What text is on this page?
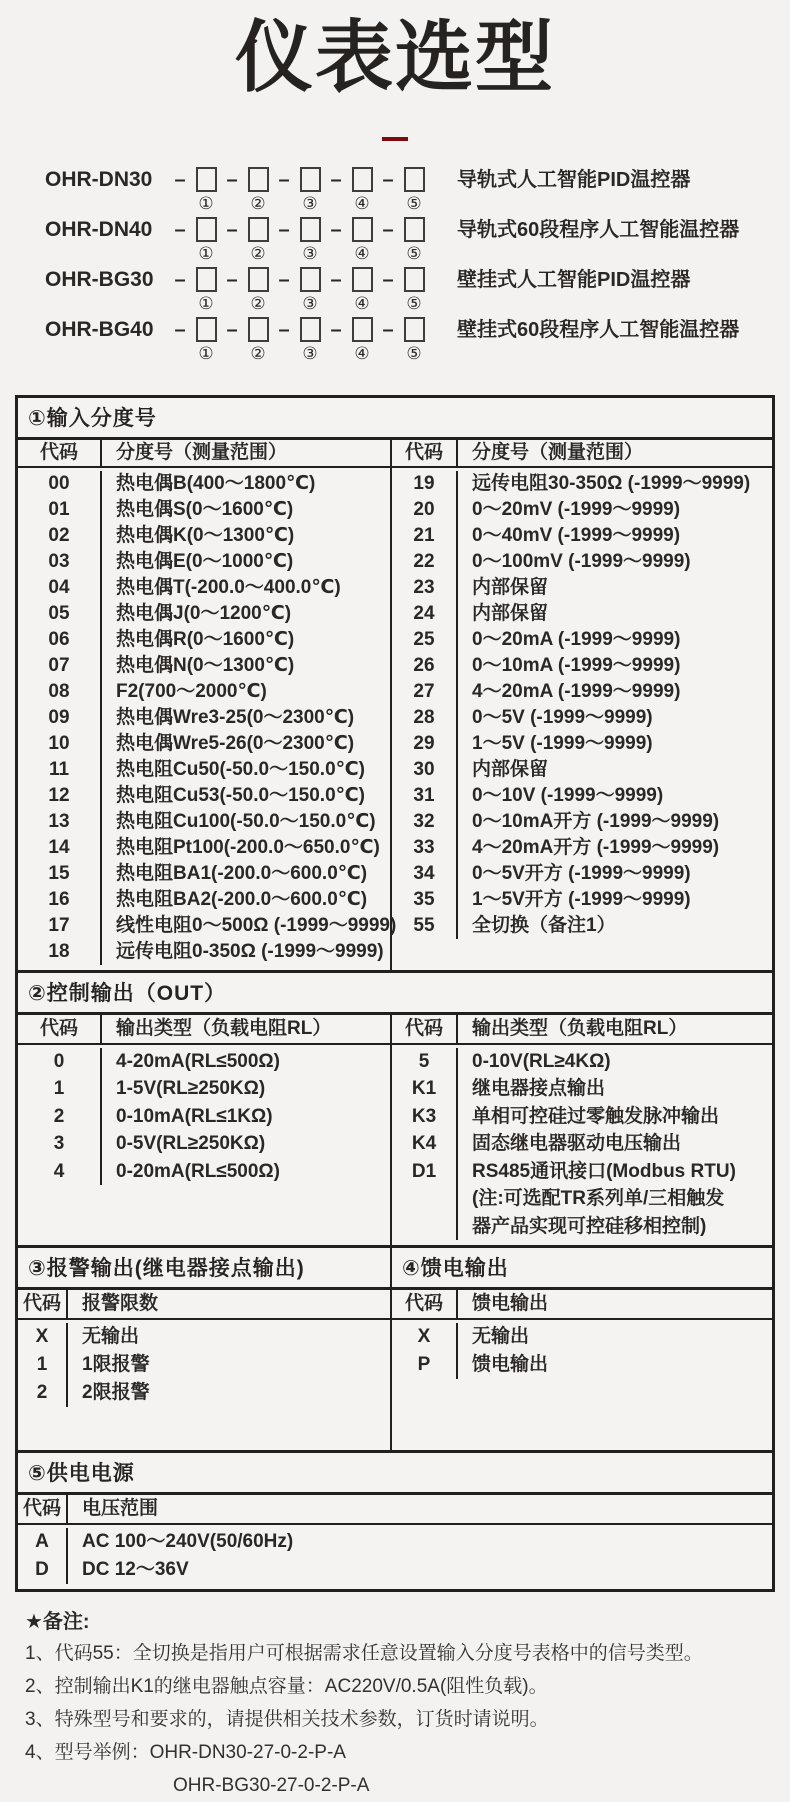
仪表选型
OHR-DN30	–
①
–
②
–
③
–
④
–
⑤
导轨式人工智能PID温控器
OHR-DN40	–
①
–
②
–
③
–
④
–
⑤
导轨式60段程序人工智能温控器
OHR-BG30	–
①
–
②
–
③
–
④
–
⑤
壁挂式人工智能PID温控器
OHR-BG40	–
①
–
②
–
③
–
④
–
⑤
壁挂式60段程序人工智能温控器
①输入分度号
代码	分度号（测量范围）	代码	分度号（测量范围）
00	热电偶B(400～1800℃)
01	热电偶S(0～1600℃)
02	热电偶K(0～1300℃)
03	热电偶E(0～1000℃)
04	热电偶T(-200.0～400.0℃)
05	热电偶J(0～1200℃)
06	热电偶R(0～1600℃)
07	热电偶N(0～1300℃)
08	F2(700～2000℃)
09	热电偶Wre3-25(0～2300℃)
10	热电偶Wre5-26(0～2300℃)
11	热电阻Cu50(-50.0～150.0℃)
12	热电阻Cu53(-50.0～150.0℃)
13	热电阻Cu100(-50.0～150.0℃)
14	热电阻Pt100(-200.0～650.0℃)
15	热电阻BA1(-200.0～600.0℃)
16	热电阻BA2(-200.0～600.0℃)
17	线性电阻0～500Ω (-1999～9999)
18	远传电阻0-350Ω (-1999～9999)
19	远传电阻30-350Ω (-1999～9999)
20	0～20mV (-1999～9999)
21	0～40mV (-1999～9999)
22	0～100mV (-1999～9999)
23	内部保留
24	内部保留
25	0～20mA (-1999～9999)
26	0～10mA (-1999～9999)
27	4～20mA (-1999～9999)
28	0～5V (-1999～9999)
29	1～5V (-1999～9999)
30	内部保留
31	0～10V (-1999～9999)
32	0～10mA开方 (-1999～9999)
33	4～20mA开方 (-1999～9999)
34	0～5V开方 (-1999～9999)
35	1～5V开方 (-1999～9999)
55	全切换（备注1）
②控制输出（OUT）
代码	输出类型（负载电阻RL）	代码	输出类型（负载电阻RL）
0	4-20mA(RL≤500Ω)
1	1-5V(RL≥250KΩ)
2	0-10mA(RL≤1KΩ)
3	0-5V(RL≥250KΩ)
4	0-20mA(RL≤500Ω)
5	0-10V(RL≥4KΩ)
K1	继电器接点输出
K3	单相可控硅过零触发脉冲输出
K4	固态继电器驱动电压输出
D1	RS485通讯接口(Modbus RTU)
(注:可选配TR系列单/三相触发
器产品实现可控硅移相控制)
③报警输出(继电器接点输出)
代码	报警限数
X	无输出
1	1限报警
2	2限报警
④馈电输出
代码	馈电输出
X	无输出
P	馈电输出
⑤供电电源
代码	电压范围
A	AC 100～240V(50/60Hz)
D	DC 12～36V
★备注:
1、代码55：全切换是指用户可根据需求任意设置输入分度号表格中的信号类型。
2、控制输出K1的继电器触点容量：AC220V/0.5A(阻性负载)。
3、特殊型号和要求的，请提供相关技术参数，订货时请说明。
4、型号举例：OHR-DN30-27-0-2-P-A
OHR-BG30-27-0-2-P-A
